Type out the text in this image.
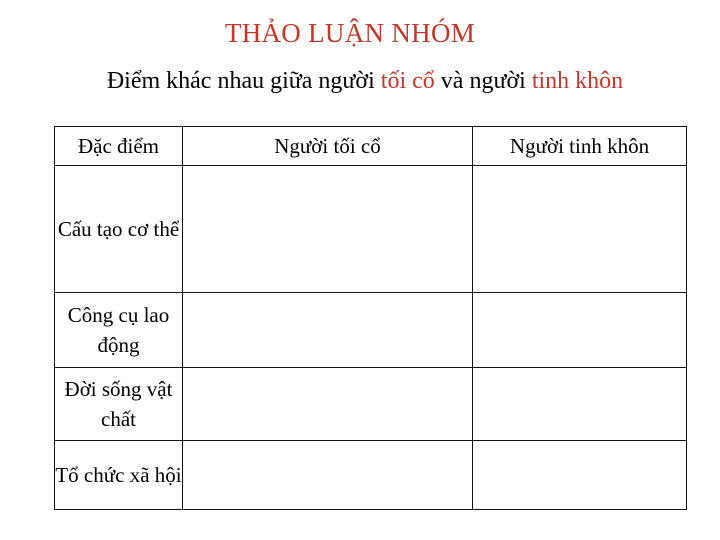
THẢO LUẬN NHÓM
Điểm khác nhau giữa người tối cổ và người tinh khôn
Đặc điểm	Người tối cổ	Người tinh khôn
Cấu tạo cơ thể		
Công cụ lao động		
Đời sống vật chất		
Tổ chức xã hội		
